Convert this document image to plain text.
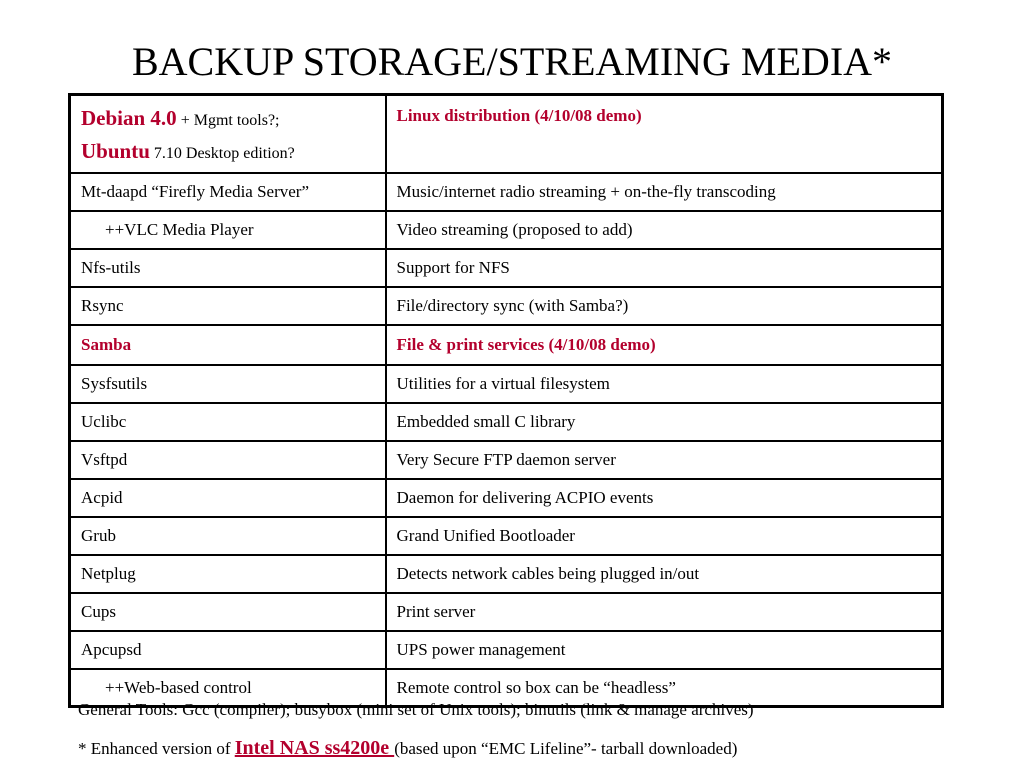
BACKUP STORAGE/STREAMING MEDIA*
Debian 4.0 + Mgmt tools?;
Ubuntu 7.10 Desktop edition?	Linux distribution (4/10/08 demo)
Mt-daapd “Firefly Media Server”	Music/internet radio streaming + on-the-fly transcoding
++VLC Media Player	Video streaming (proposed to add)
Nfs-utils	Support for NFS
Rsync	File/directory sync (with Samba?)
Samba	File & print services (4/10/08 demo)
Sysfsutils	Utilities for a virtual filesystem
Uclibc	Embedded small C library
Vsftpd	Very Secure FTP daemon server
Acpid	Daemon for delivering ACPIO events
Grub	Grand Unified Bootloader
Netplug	Detects network cables being plugged in/out
Cups	Print server
Apcupsd	UPS power management
++Web-based control	Remote control so box can be “headless”
General Tools: Gcc (compiler); busybox (mini set of Unix tools); binutils (link & manage archives)
* Enhanced version of Intel NAS ss4200e (based upon “EMC Lifeline”- tarball downloaded)
